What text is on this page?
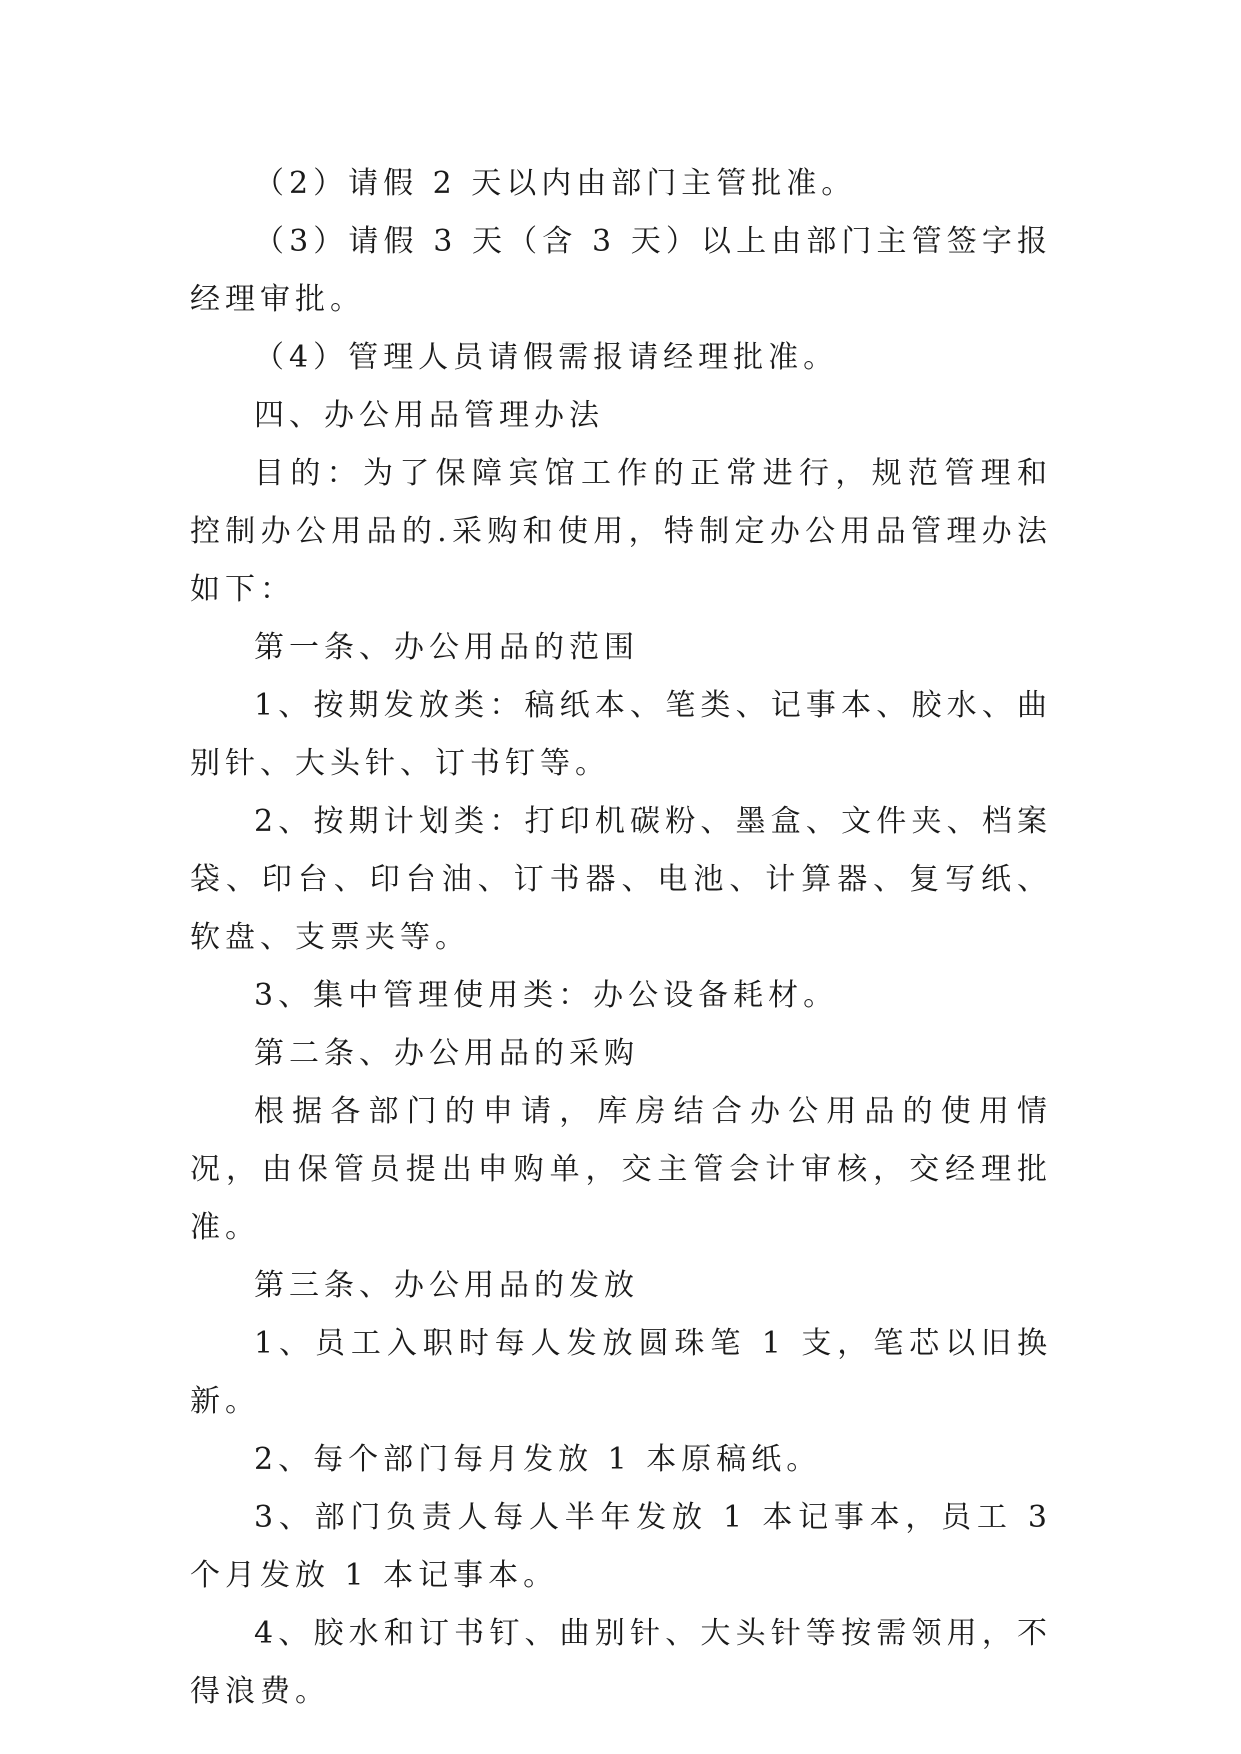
（2）请假 2 天以内由部门主管批准。

（3）请假 3 天（含 3 天）以上由部门主管签字报经理审批。

（4）管理人员请假需报请经理批准。

四、办公用品管理办法

目的：为了保障宾馆工作的正常进行，规范管理和控制办公用品的.采购和使用，特制定办公用品管理办法如下：

第一条、办公用品的范围

1、按期发放类：稿纸本、笔类、记事本、胶水、曲别针、大头针、订书钉等。

2、按期计划类：打印机碳粉、墨盒、文件夹、档案袋、印台、印台油、订书器、电池、计算器、复写纸、软盘、支票夹等。

3、集中管理使用类：办公设备耗材。

第二条、办公用品的采购

根据各部门的申请，库房结合办公用品的使用情况，由保管员提出申购单，交主管会计审核，交经理批准。

第三条、办公用品的发放

1、员工入职时每人发放圆珠笔 1 支，笔芯以旧换新。

2、每个部门每月发放 1 本原稿纸。

3、部门负责人每人半年发放 1 本记事本，员工 3 个月发放 1 本记事本。

4、胶水和订书钉、曲别针、大头针等按需领用，不得浪费。
